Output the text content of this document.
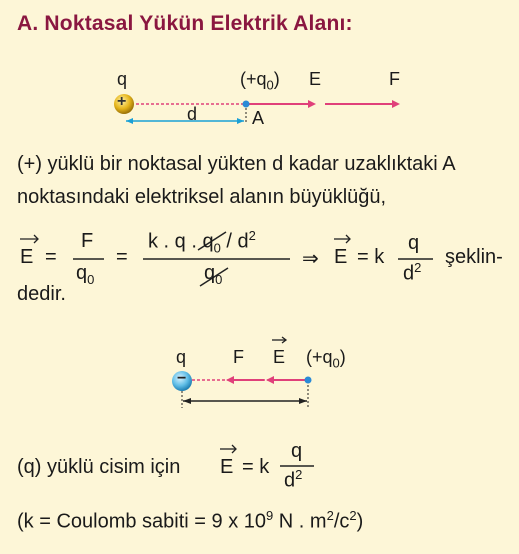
A. Noktasal Yükün Elektrik Alanı:
q
+
$(+q_0)$ E	F
d	A
(+) yüklü bir noktasal yükten d kadar uzaklıktaki A
noktasındaki elektriksel alanın büyüklüğü,
E =
F
$q_0$
=
k . q . $q_0 / d^2$
$q_0$
⇒ E = k
q
$d^2$ şeklin-
dedir.
q
−
F E $(+q_0)$
(q) yüklü cisim için E = k
q
$d^2$
(k = Coulomb sabiti = 9 x $10^9$ N . $m^2/c^2$)
